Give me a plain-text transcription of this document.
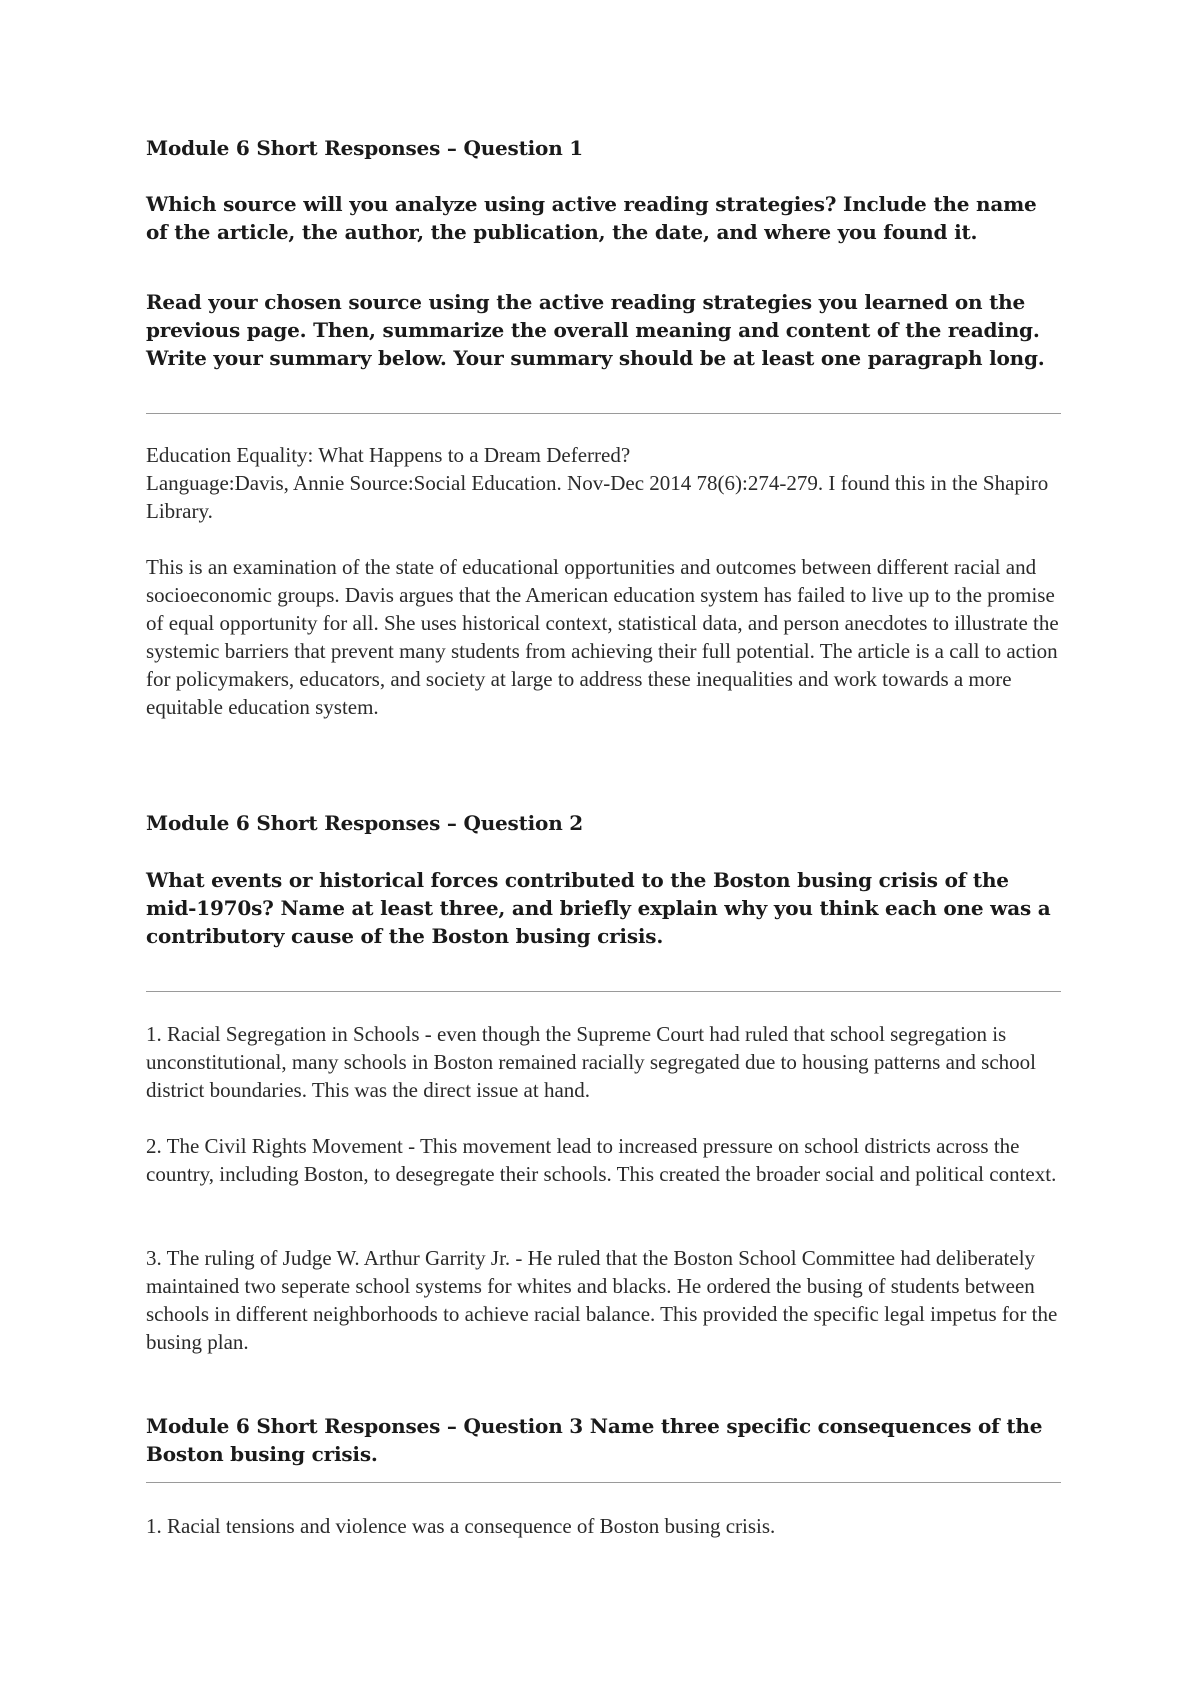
Module 6 Short Responses – Question 1

Which source will you analyze using active reading strategies? Include the name of the article, the author, the publication, the date, and where you found it.

Read your chosen source using the active reading strategies you learned on the previous page. Then, summarize the overall meaning and content of the reading. Write your summary below. Your summary should be at least one paragraph long.

Education Equality: What Happens to a Dream Deferred?

Language:Davis, Annie Source:Social Education. Nov-Dec 2014 78(6):274-279. I found this in the Shapiro Library.

This is an examination of the state of educational opportunities and outcomes between different racial and socioeconomic groups. Davis argues that the American education system has failed to live up to the promise of equal opportunity for all. She uses historical context, statistical data, and person anecdotes to illustrate the systemic barriers that prevent many students from achieving their full potential. The article is a call to action for policymakers, educators, and society at large to address these inequalities and work towards a more equitable education system.

Module 6 Short Responses – Question 2

What events or historical forces contributed to the Boston busing crisis of the mid-1970s? Name at least three, and briefly explain why you think each one was a contributory cause of the Boston busing crisis.

1. Racial Segregation in Schools - even though the Supreme Court had ruled that school segregation is unconstitutional, many schools in Boston remained racially segregated due to housing patterns and school district boundaries. This was the direct issue at hand.

2. The Civil Rights Movement - This movement lead to increased pressure on school districts across the country, including Boston, to desegregate their schools. This created the broader social and political context.

3. The ruling of Judge W. Arthur Garrity Jr. - He ruled that the Boston School Committee had deliberately maintained two seperate school systems for whites and blacks. He ordered the busing of students between schools in different neighborhoods to achieve racial balance. This provided the specific legal impetus for the busing plan.

Module 6 Short Responses – Question 3 Name three specific consequences of the Boston busing crisis.

1. Racial tensions and violence was a consequence of Boston busing crisis.
